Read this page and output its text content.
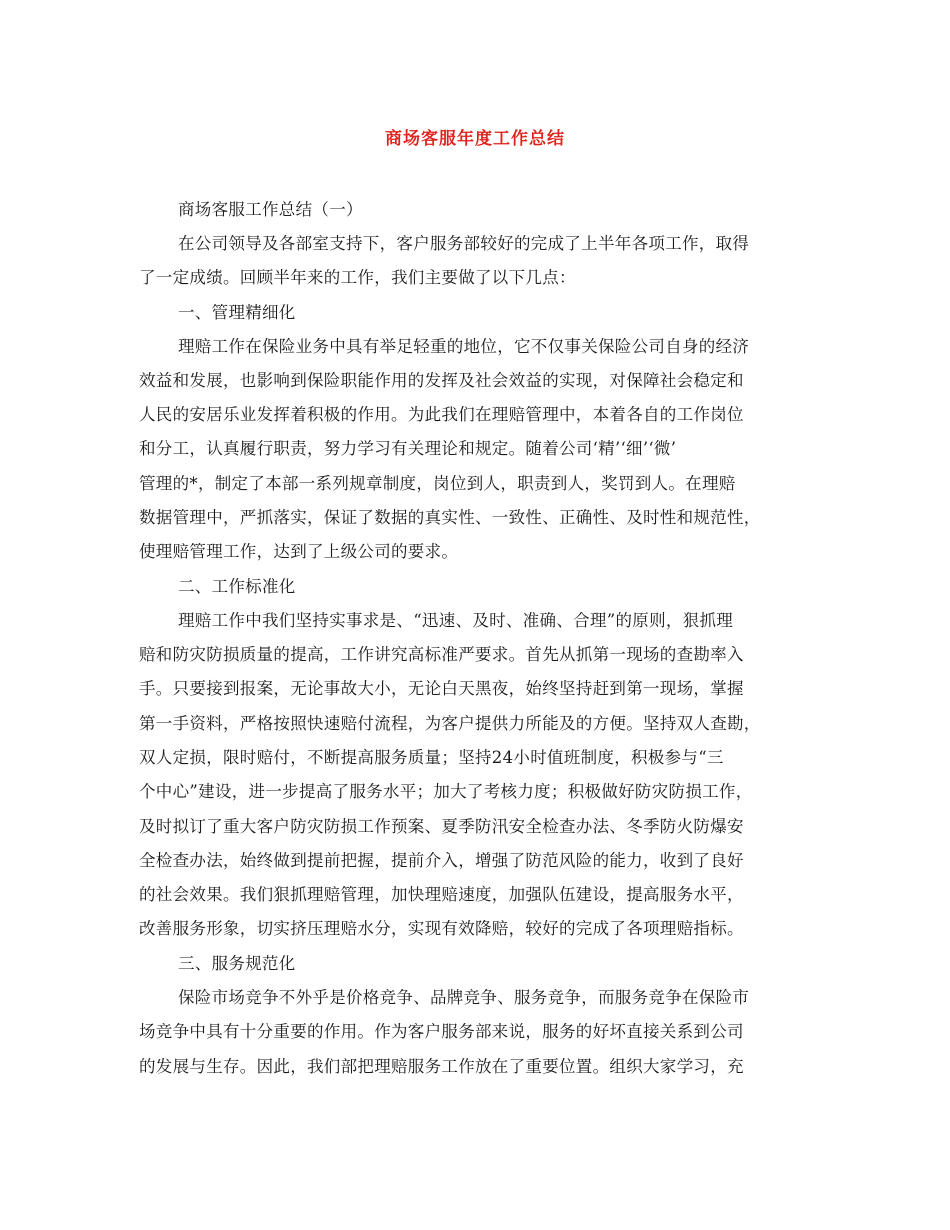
商场客服年度工作总结
商场客服工作总结（一）
在公司领导及各部室支持下，客户服务部较好的完成了上半年各项工作，取得
了一定成绩。回顾半年来的工作，我们主要做了以下几点：
一、管理精细化
理赔工作在保险业务中具有举足轻重的地位，它不仅事关保险公司自身的经济
效益和发展，也影响到保险职能作用的发挥及社会效益的实现，对保障社会稳定和
人民的安居乐业发挥着积极的作用。为此我们在理赔管理中，本着各自的工作岗位
和分工，认真履行职责，努力学习有关理论和规定。随着公司‘精’‘细’‘微’
管理的*，制定了本部一系列规章制度，岗位到人，职责到人，奖罚到人。在理赔
数据管理中，严抓落实，保证了数据的真实性、一致性、正确性、及时性和规范性，
使理赔管理工作，达到了上级公司的要求。
二、工作标准化
理赔工作中我们坚持实事求是、“迅速、及时、准确、合理”的原则，狠抓理
赔和防灾防损质量的提高，工作讲究高标准严要求。首先从抓第一现场的查勘率入
手。只要接到报案，无论事故大小，无论白天黑夜，始终坚持赶到第一现场，掌握
第一手资料，严格按照快速赔付流程，为客户提供力所能及的方便。坚持双人查勘，
双人定损，限时赔付，不断提高服务质量；坚持24小时值班制度，积极参与“三
个中心”建设，进一步提高了服务水平；加大了考核力度；积极做好防灾防损工作，
及时拟订了重大客户防灾防损工作预案、夏季防汛安全检查办法、冬季防火防爆安
全检查办法，始终做到提前把握，提前介入，增强了防范风险的能力，收到了良好
的社会效果。我们狠抓理赔管理，加快理赔速度，加强队伍建设，提高服务水平，
改善服务形象，切实挤压理赔水分，实现有效降赔，较好的完成了各项理赔指标。
三、服务规范化
保险市场竞争不外乎是价格竞争、品牌竞争、服务竞争，而服务竞争在保险市
场竞争中具有十分重要的作用。作为客户服务部来说，服务的好坏直接关系到公司
的发展与生存。因此，我们部把理赔服务工作放在了重要位置。组织大家学习，充
